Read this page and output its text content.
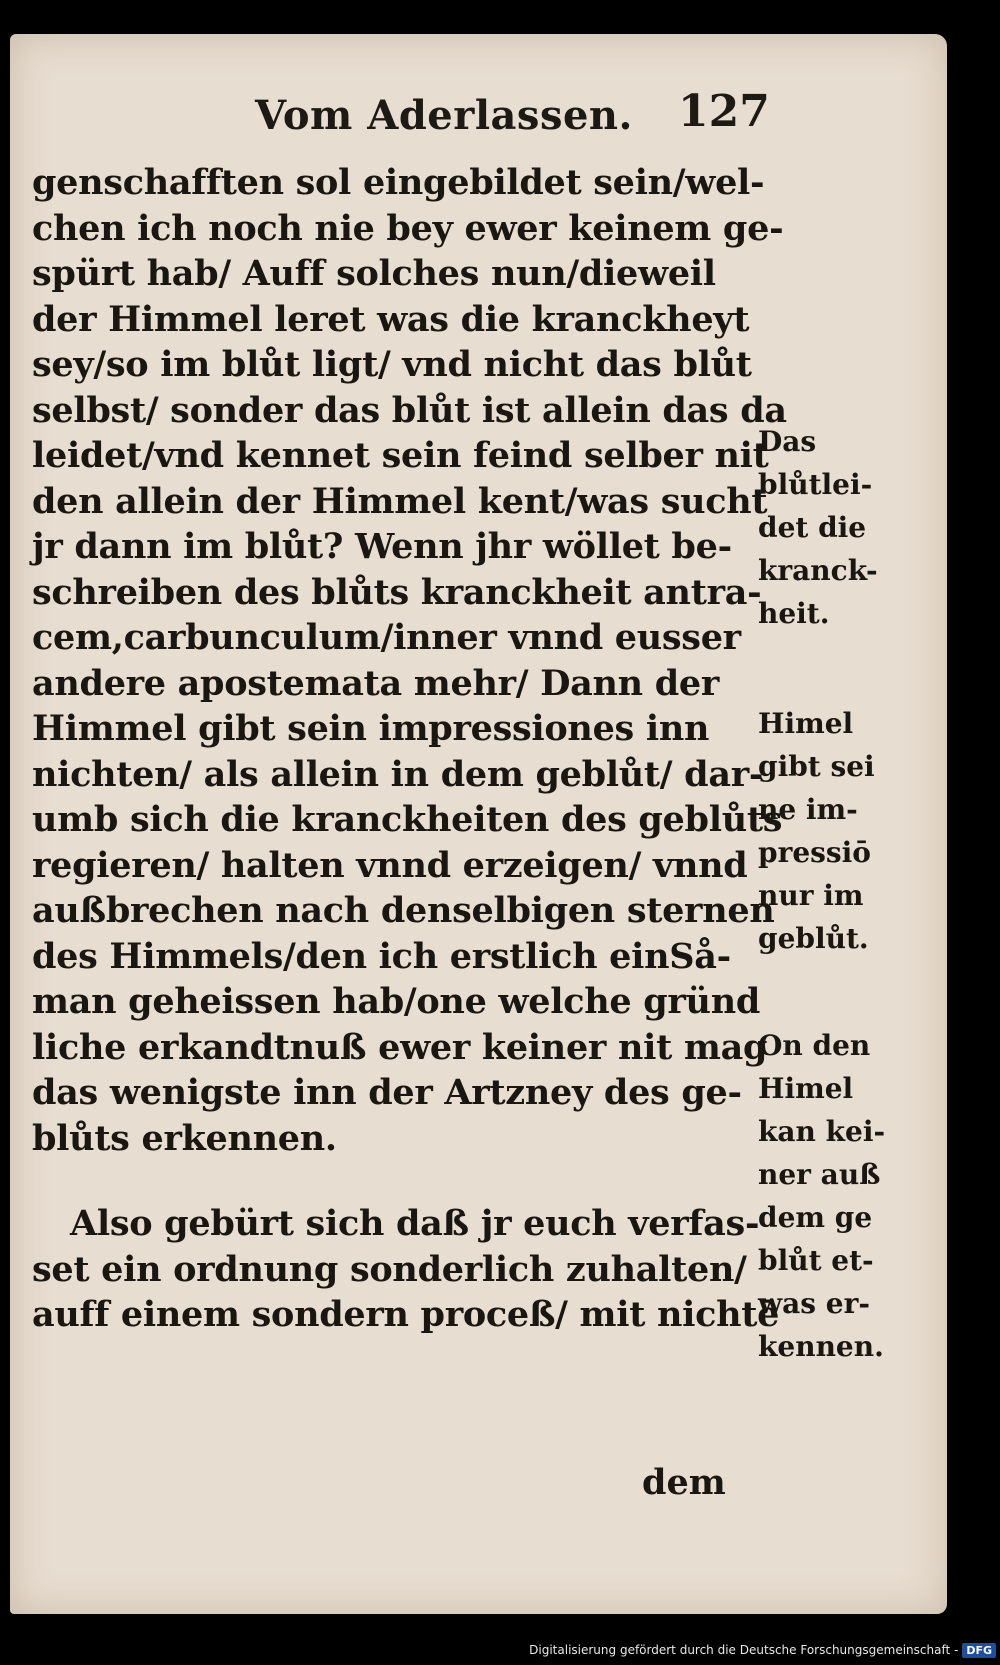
Vom Aderlassen. 127
genschafften sol eingebildet sein/wel-
chen ich noch nie bey ewer keinem ge-
spürt hab/ Auff solches nun/dieweil
der Himmel leret was die kranckheyt
sey/so im blůt ligt/ vnd nicht das blůt
selbst/ sonder das blůt ist allein das da
leidet/vnd kennet sein feind selber nit
den allein der Himmel kent/was sucht
jr dann im blůt? Wenn jhr wöllet be-
schreiben des blůts kranckheit antra-
cem,carbunculum/inner vnnd eusser
andere apostemata mehr/ Dann der
Himmel gibt sein impressiones inn
nichten/ als allein in dem geblůt/ dar-
umb sich die kranckheiten des geblůts
regieren/ halten vnnd erzeigen/ vnnd
außbrechen nach denselbigen sternen
des Himmels/den ich erstlich einSå-
man geheissen hab/one welche gründ
liche erkandtnuß ewer keiner nit mag
das wenigste inn der Artzney des ge-
blůts erkennen.
Also gebürt sich daß jr euch verfas-
set ein ordnung sonderlich zuhalten/
auff einem sondern proceß/ mit nichtē
dem
Das
blůtlei-
det die
kranck-
heit.
Himel
gibt sei
ne im-
pressiō
nur im
geblůt.
On den
Himel
kan kei-
ner auß
dem ge
blůt et-
was er-
kennen.
Digitalisierung gefördert durch die Deutsche Forschungsgemeinschaft - DFG
